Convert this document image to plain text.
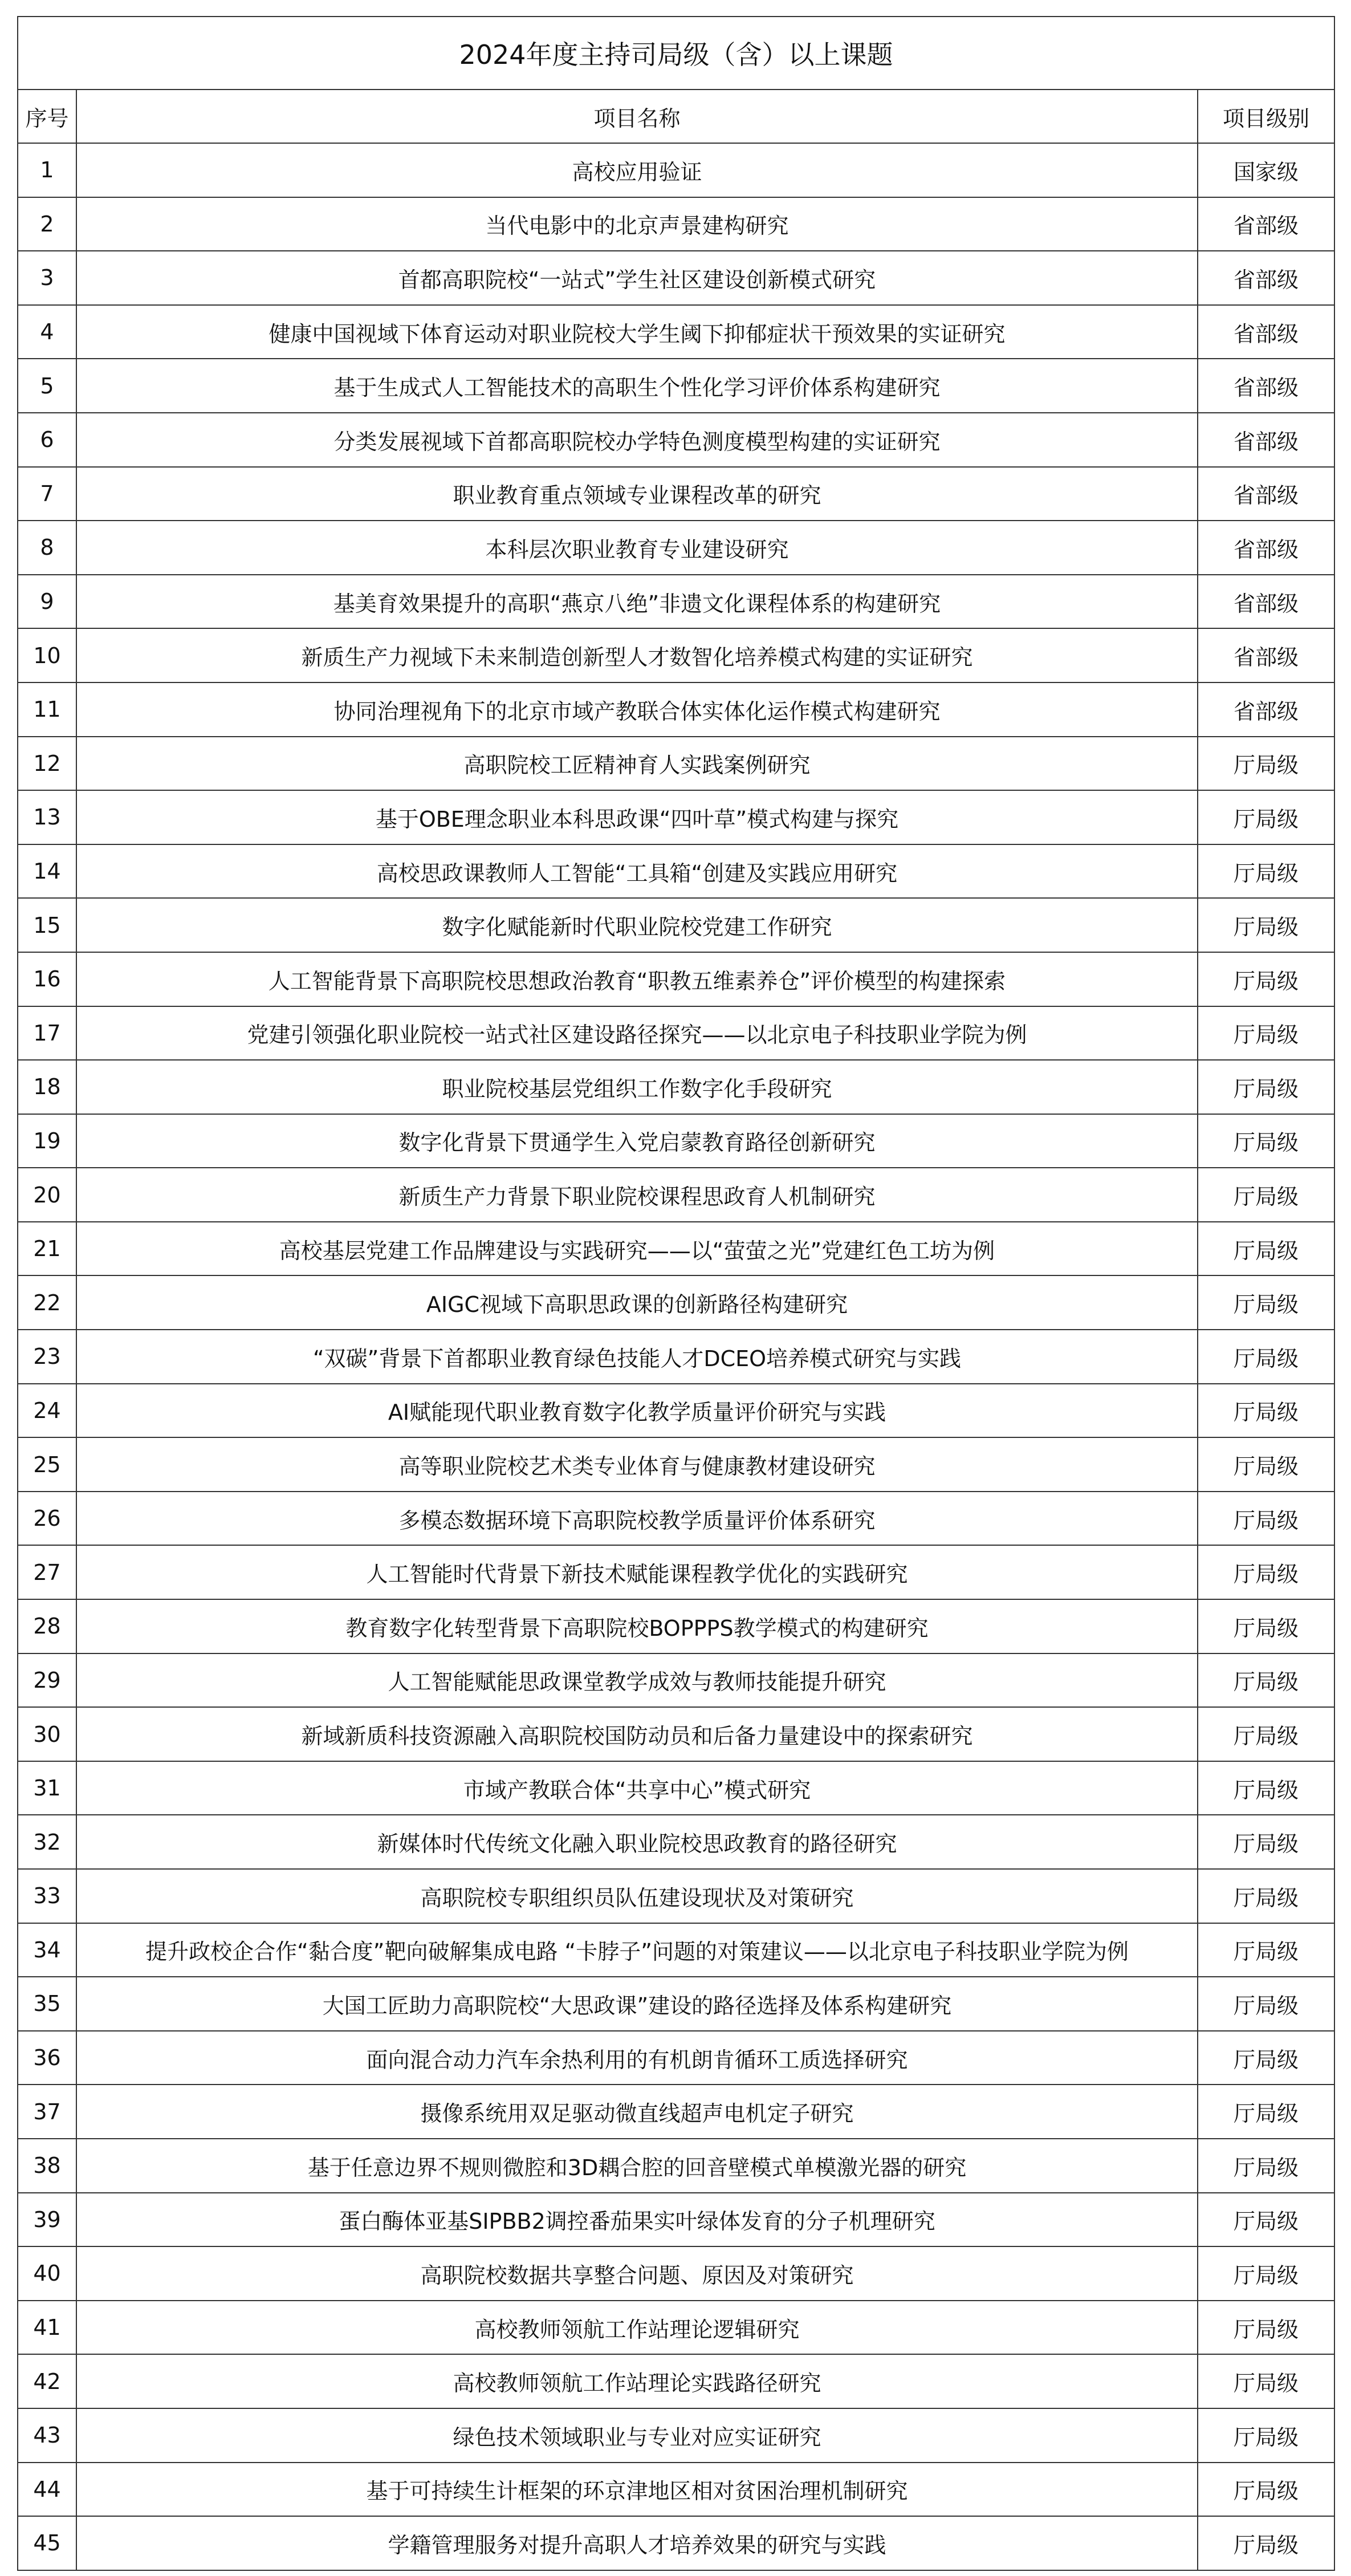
2024年度主持司局级（含）以上课题		
序号	项目名称	项目级别
1	高校应用验证	国家级
2	当代电影中的北京声景建构研究	省部级
3	首都高职院校“一站式”学生社区建设创新模式研究	省部级
4	健康中国视域下体育运动对职业院校大学生阈下抑郁症状干预效果的实证研究	省部级
5	基于生成式人工智能技术的高职生个性化学习评价体系构建研究	省部级
6	分类发展视域下首都高职院校办学特色测度模型构建的实证研究	省部级
7	职业教育重点领域专业课程改革的研究	省部级
8	本科层次职业教育专业建设研究	省部级
9	基美育效果提升的高职“燕京八绝”非遗文化课程体系的构建研究	省部级
10	新质生产力视域下未来制造创新型人才数智化培养模式构建的实证研究	省部级
11	协同治理视角下的北京市域产教联合体实体化运作模式构建研究	省部级
12	高职院校工匠精神育人实践案例研究	厅局级
13	基于OBE理念职业本科思政课“四叶草”模式构建与探究	厅局级
14	高校思政课教师人工智能“工具箱“创建及实践应用研究	厅局级
15	数字化赋能新时代职业院校党建工作研究	厅局级
16	人工智能背景下高职院校思想政治教育“职教五维素养仓”评价模型的构建探索	厅局级
17	党建引领强化职业院校一站式社区建设路径探究——以北京电子科技职业学院为例	厅局级
18	职业院校基层党组织工作数字化手段研究	厅局级
19	数字化背景下贯通学生入党启蒙教育路径创新研究	厅局级
20	新质生产力背景下职业院校课程思政育人机制研究	厅局级
21	高校基层党建工作品牌建设与实践研究——以“萤萤之光”党建红色工坊为例	厅局级
22	AIGC视域下高职思政课的创新路径构建研究	厅局级
23	“双碳”背景下首都职业教育绿色技能人才DCEO培养模式研究与实践	厅局级
24	AI赋能现代职业教育数字化教学质量评价研究与实践	厅局级
25	高等职业院校艺术类专业体育与健康教材建设研究	厅局级
26	多模态数据环境下高职院校教学质量评价体系研究	厅局级
27	人工智能时代背景下新技术赋能课程教学优化的实践研究	厅局级
28	教育数字化转型背景下高职院校BOPPPS教学模式的构建研究	厅局级
29	人工智能赋能思政课堂教学成效与教师技能提升研究	厅局级
30	新域新质科技资源融入高职院校国防动员和后备力量建设中的探索研究	厅局级
31	市域产教联合体“共享中心”模式研究	厅局级
32	新媒体时代传统文化融入职业院校思政教育的路径研究	厅局级
33	高职院校专职组织员队伍建设现状及对策研究	厅局级
34	提升政校企合作“黏合度”靶向破解集成电路 “卡脖子”问题的对策建议——以北京电子科技职业学院为例	厅局级
35	大国工匠助力高职院校“大思政课”建设的路径选择及体系构建研究	厅局级
36	面向混合动力汽车余热利用的有机朗肯循环工质选择研究	厅局级
37	摄像系统用双足驱动微直线超声电机定子研究	厅局级
38	基于任意边界不规则微腔和3D耦合腔的回音壁模式单模激光器的研究	厅局级
39	蛋白酶体亚基SIPBB2调控番茄果实叶绿体发育的分子机理研究	厅局级
40	高职院校数据共享整合问题、原因及对策研究	厅局级
41	高校教师领航工作站理论逻辑研究	厅局级
42	高校教师领航工作站理论实践路径研究	厅局级
43	绿色技术领域职业与专业对应实证研究	厅局级
44	基于可持续生计框架的环京津地区相对贫困治理机制研究	厅局级
45	学籍管理服务对提升高职人才培养效果的研究与实践	厅局级
